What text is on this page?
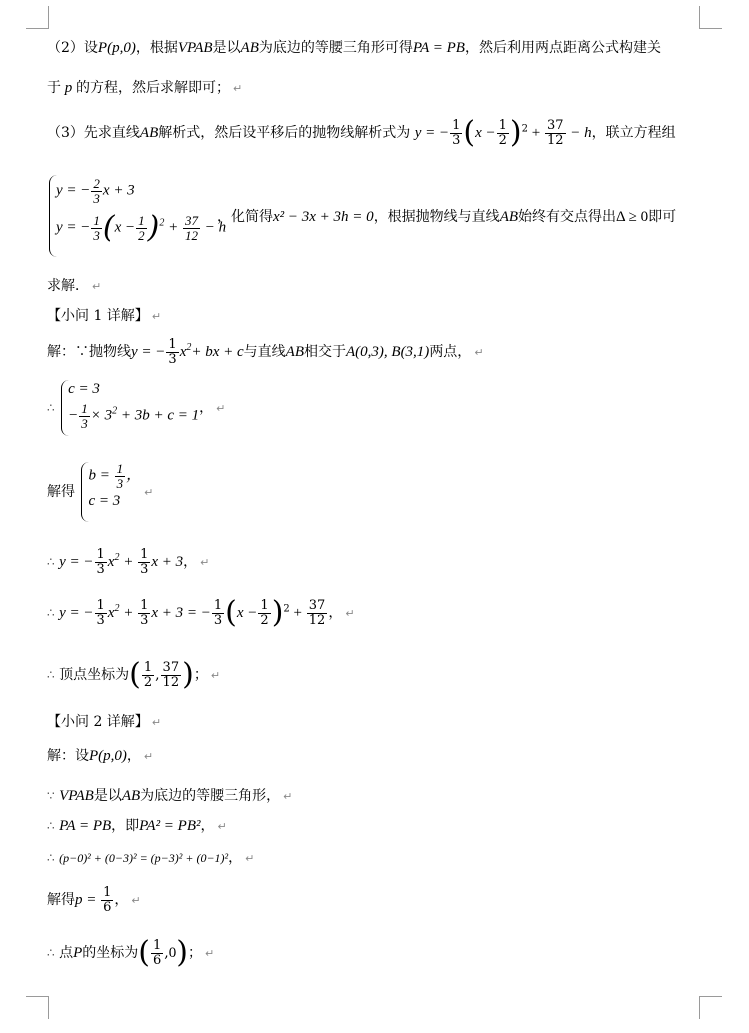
（2）设P(p,0)，根据VPAB是以AB为底边的等腰三角形可得PA = PB，然后利用两点距离公式构建关
于 p 的方程，然后求解即可； ↵
（3）先求直线AB解析式，然后设平移后的抛物线解析式为 y = − $\frac{1}{3} (x - \frac{1}{2} )^2 + \frac{37}{12} - h$，联立方程组
y = − $\frac{2}{3}$ x + 3
y = − $\frac{1}{3} (x - \frac{1}{2} )^2 + \frac{37}{12} - h$
，化简得x² − 3x + 3h = 0，根据抛物线与直线AB始终有交点得出Δ ≥ 0即可
求解． ↵
【小问 1 详解】 ↵
解：∵抛物线y = − $\frac{1}{3} x^2+$ bx + c与直线AB相交于A(0,3), B(3,1)两点， ↵
∴
c = 3
− $\frac{1}{3} \times 3^2 + 3b + c = 1$ ， ↵
解得
$b = \frac{1}{3}$ ，
c = 3
↵
∴ y = − $\frac{1}{3} x^2 + \frac{1}{3}$ x + 3， ↵
∴ y = − $\frac{1}{3} x^2 + \frac{1}{3}$ x + 3 = − $\frac{1}{3} (x - \frac{1}{2} )^2 + \frac{37}{12}$ ， ↵
∴ 顶点坐标为( $\frac{1}{2}$ , $\frac{37}{12}$ )； ↵
【小问 2 详解】 ↵
解：设P(p,0)， ↵
∵ VPAB是以AB为底边的等腰三角形， ↵
∴ PA = PB，即PA² = PB²， ↵
∴ (p−0)² + (0−3)² = (p−3)² + (0−1)²， ↵
解得$p = \frac{1}{6}$ ， ↵
∴ 点P的坐标为( $\frac{1}{6} ,0$)； ↵
